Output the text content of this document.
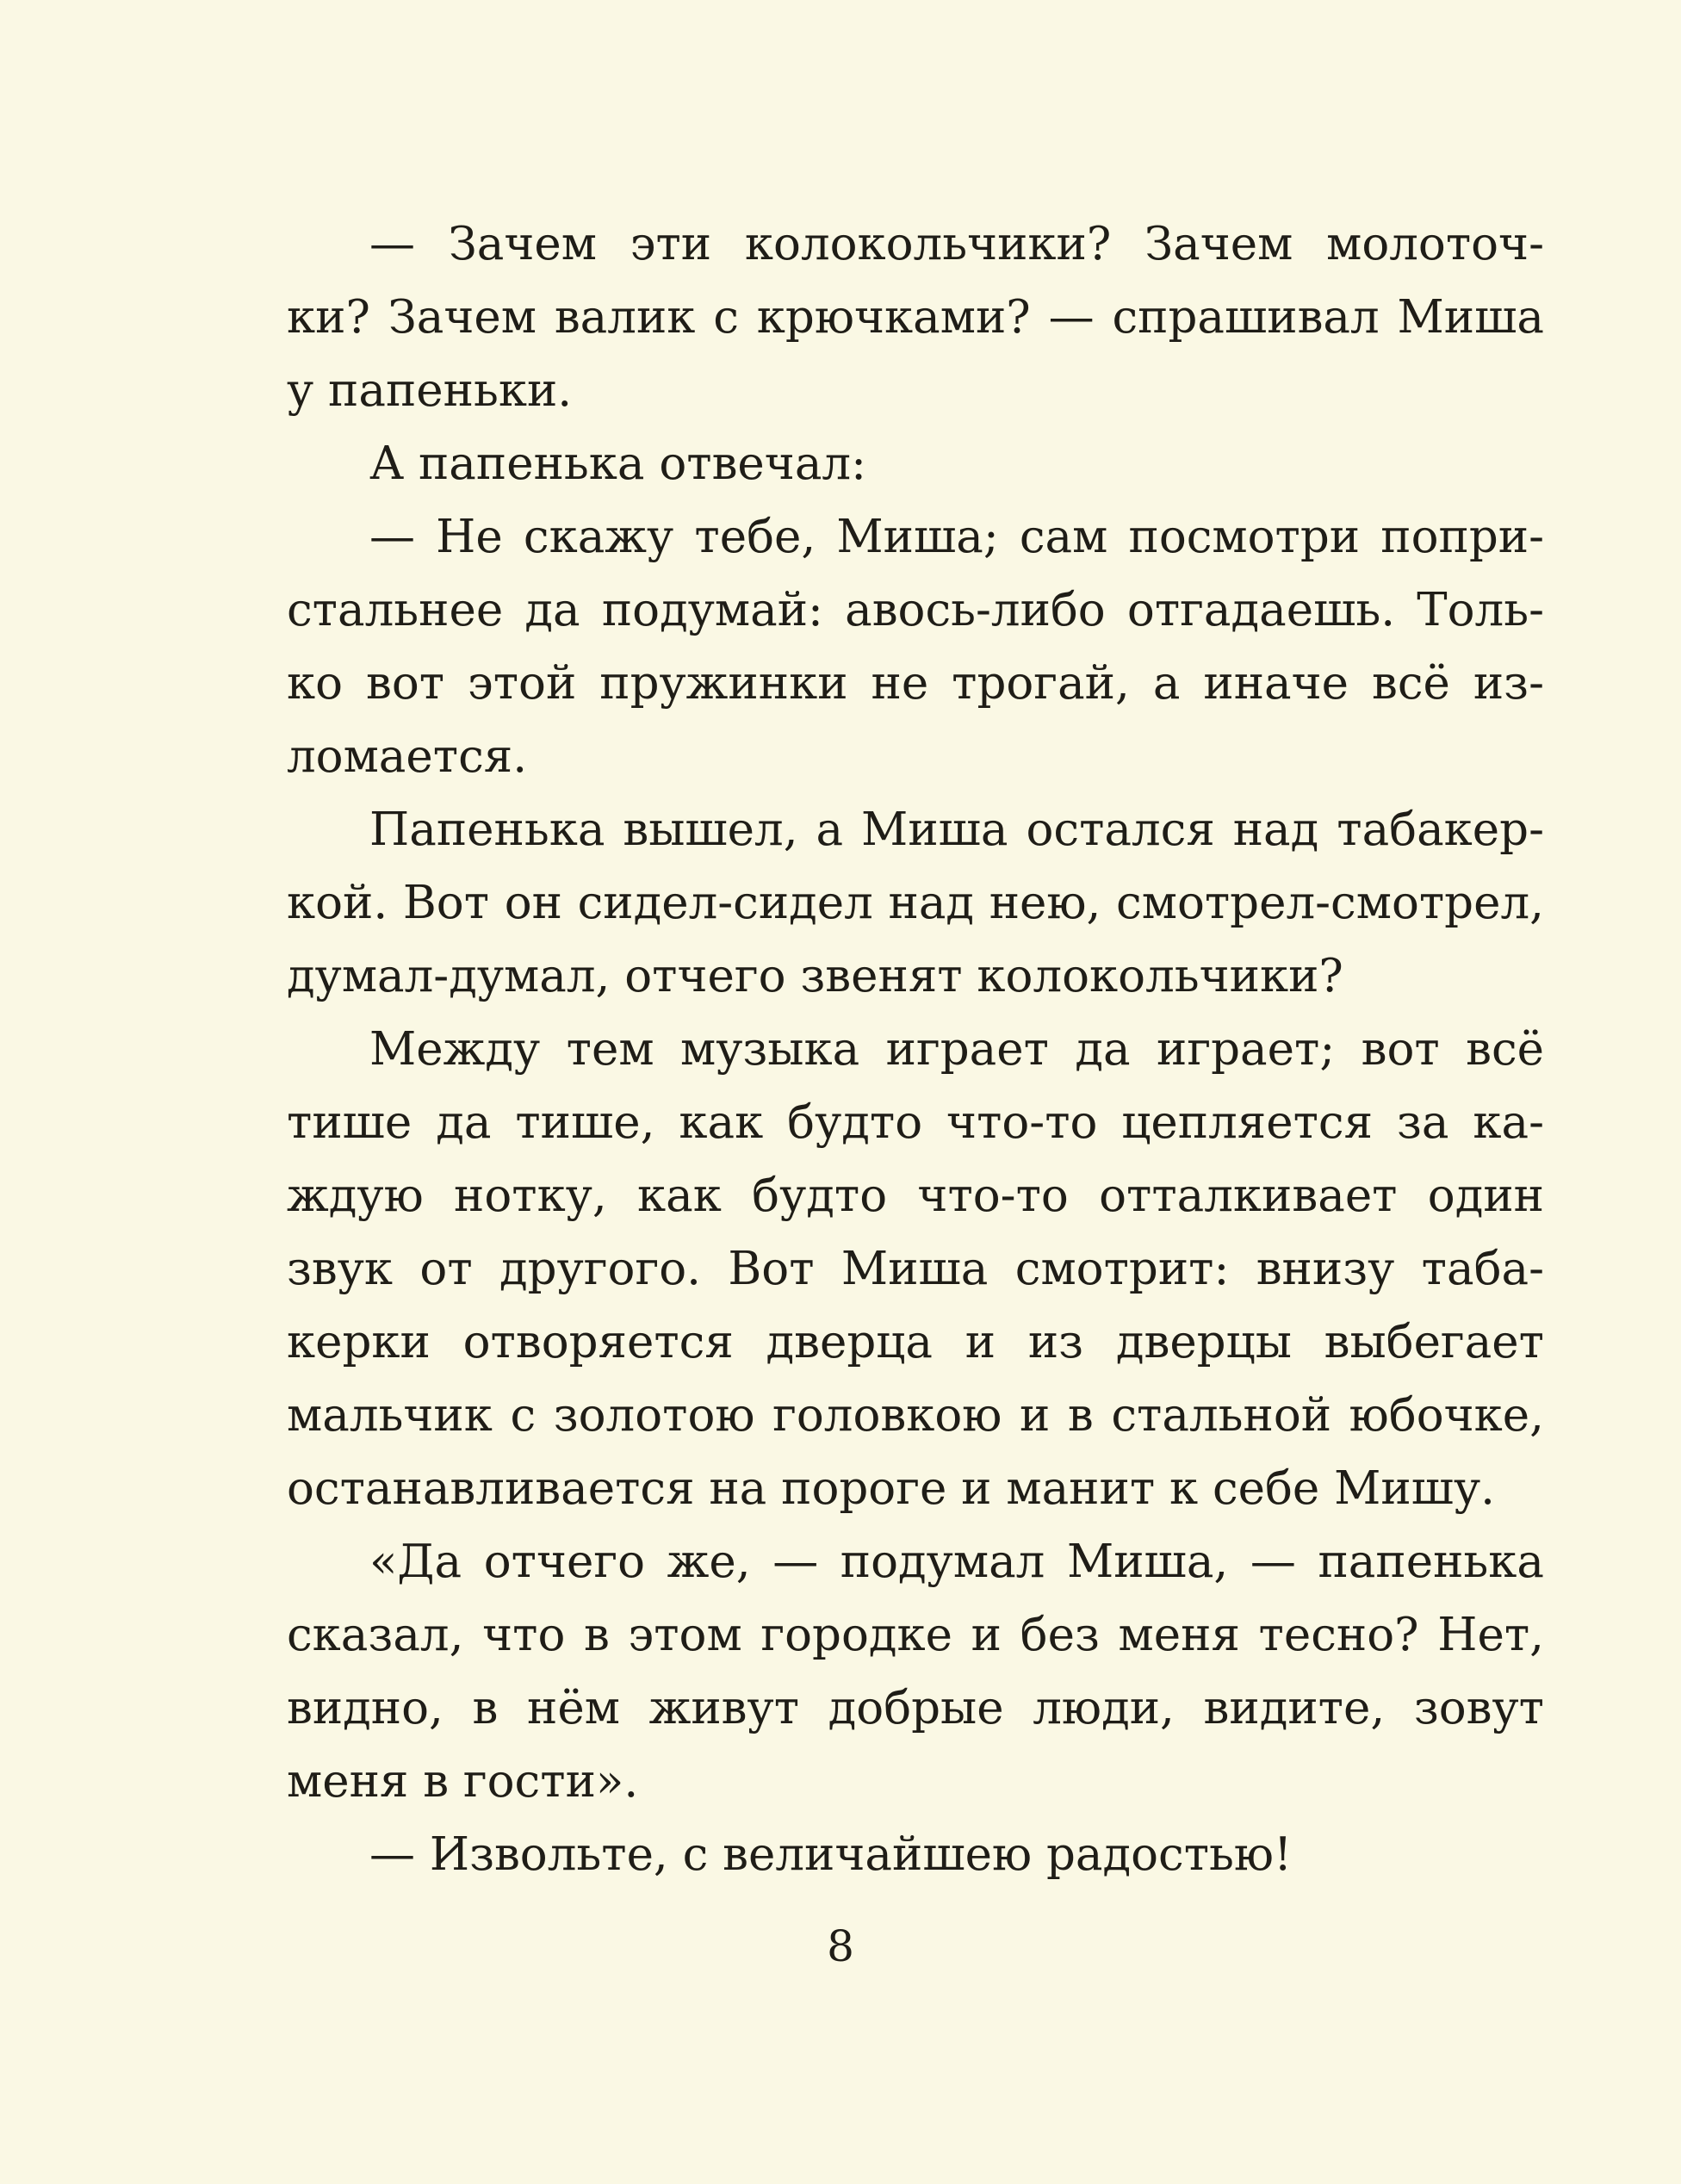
— Зачем эти колокольчики? Зачем молоточ-
ки? Зачем валик с крючками? — спрашивал Миша
у папеньки.
А папенька отвечал:
— Не скажу тебе, Миша; сам посмотри попри-
стальнее да подумай: авось-либо отгадаешь. Толь-
ко вот этой пружинки не трогай, а иначе всё из-
ломается.
Папенька вышел, а Миша остался над табакер-
кой. Вот он сидел-сидел над нею, смотрел-смотрел,
думал-думал, отчего звенят колокольчики?
Между тем музыка играет да играет; вот всё
тише да тише, как будто что-то цепляется за ка-
ждую нотку, как будто что-то отталкивает один
звук от другого. Вот Миша смотрит: внизу таба-
керки отворяется дверца и из дверцы выбегает
мальчик с золотою головкою и в стальной юбочке,
останавливается на пороге и манит к себе Мишу.
«Да отчего же, — подумал Миша, — папенька
сказал, что в этом городке и без меня тесно? Нет,
видно, в нём живут добрые люди, видите, зовут
меня в гости».
— Извольте, с величайшею радостью!
8
